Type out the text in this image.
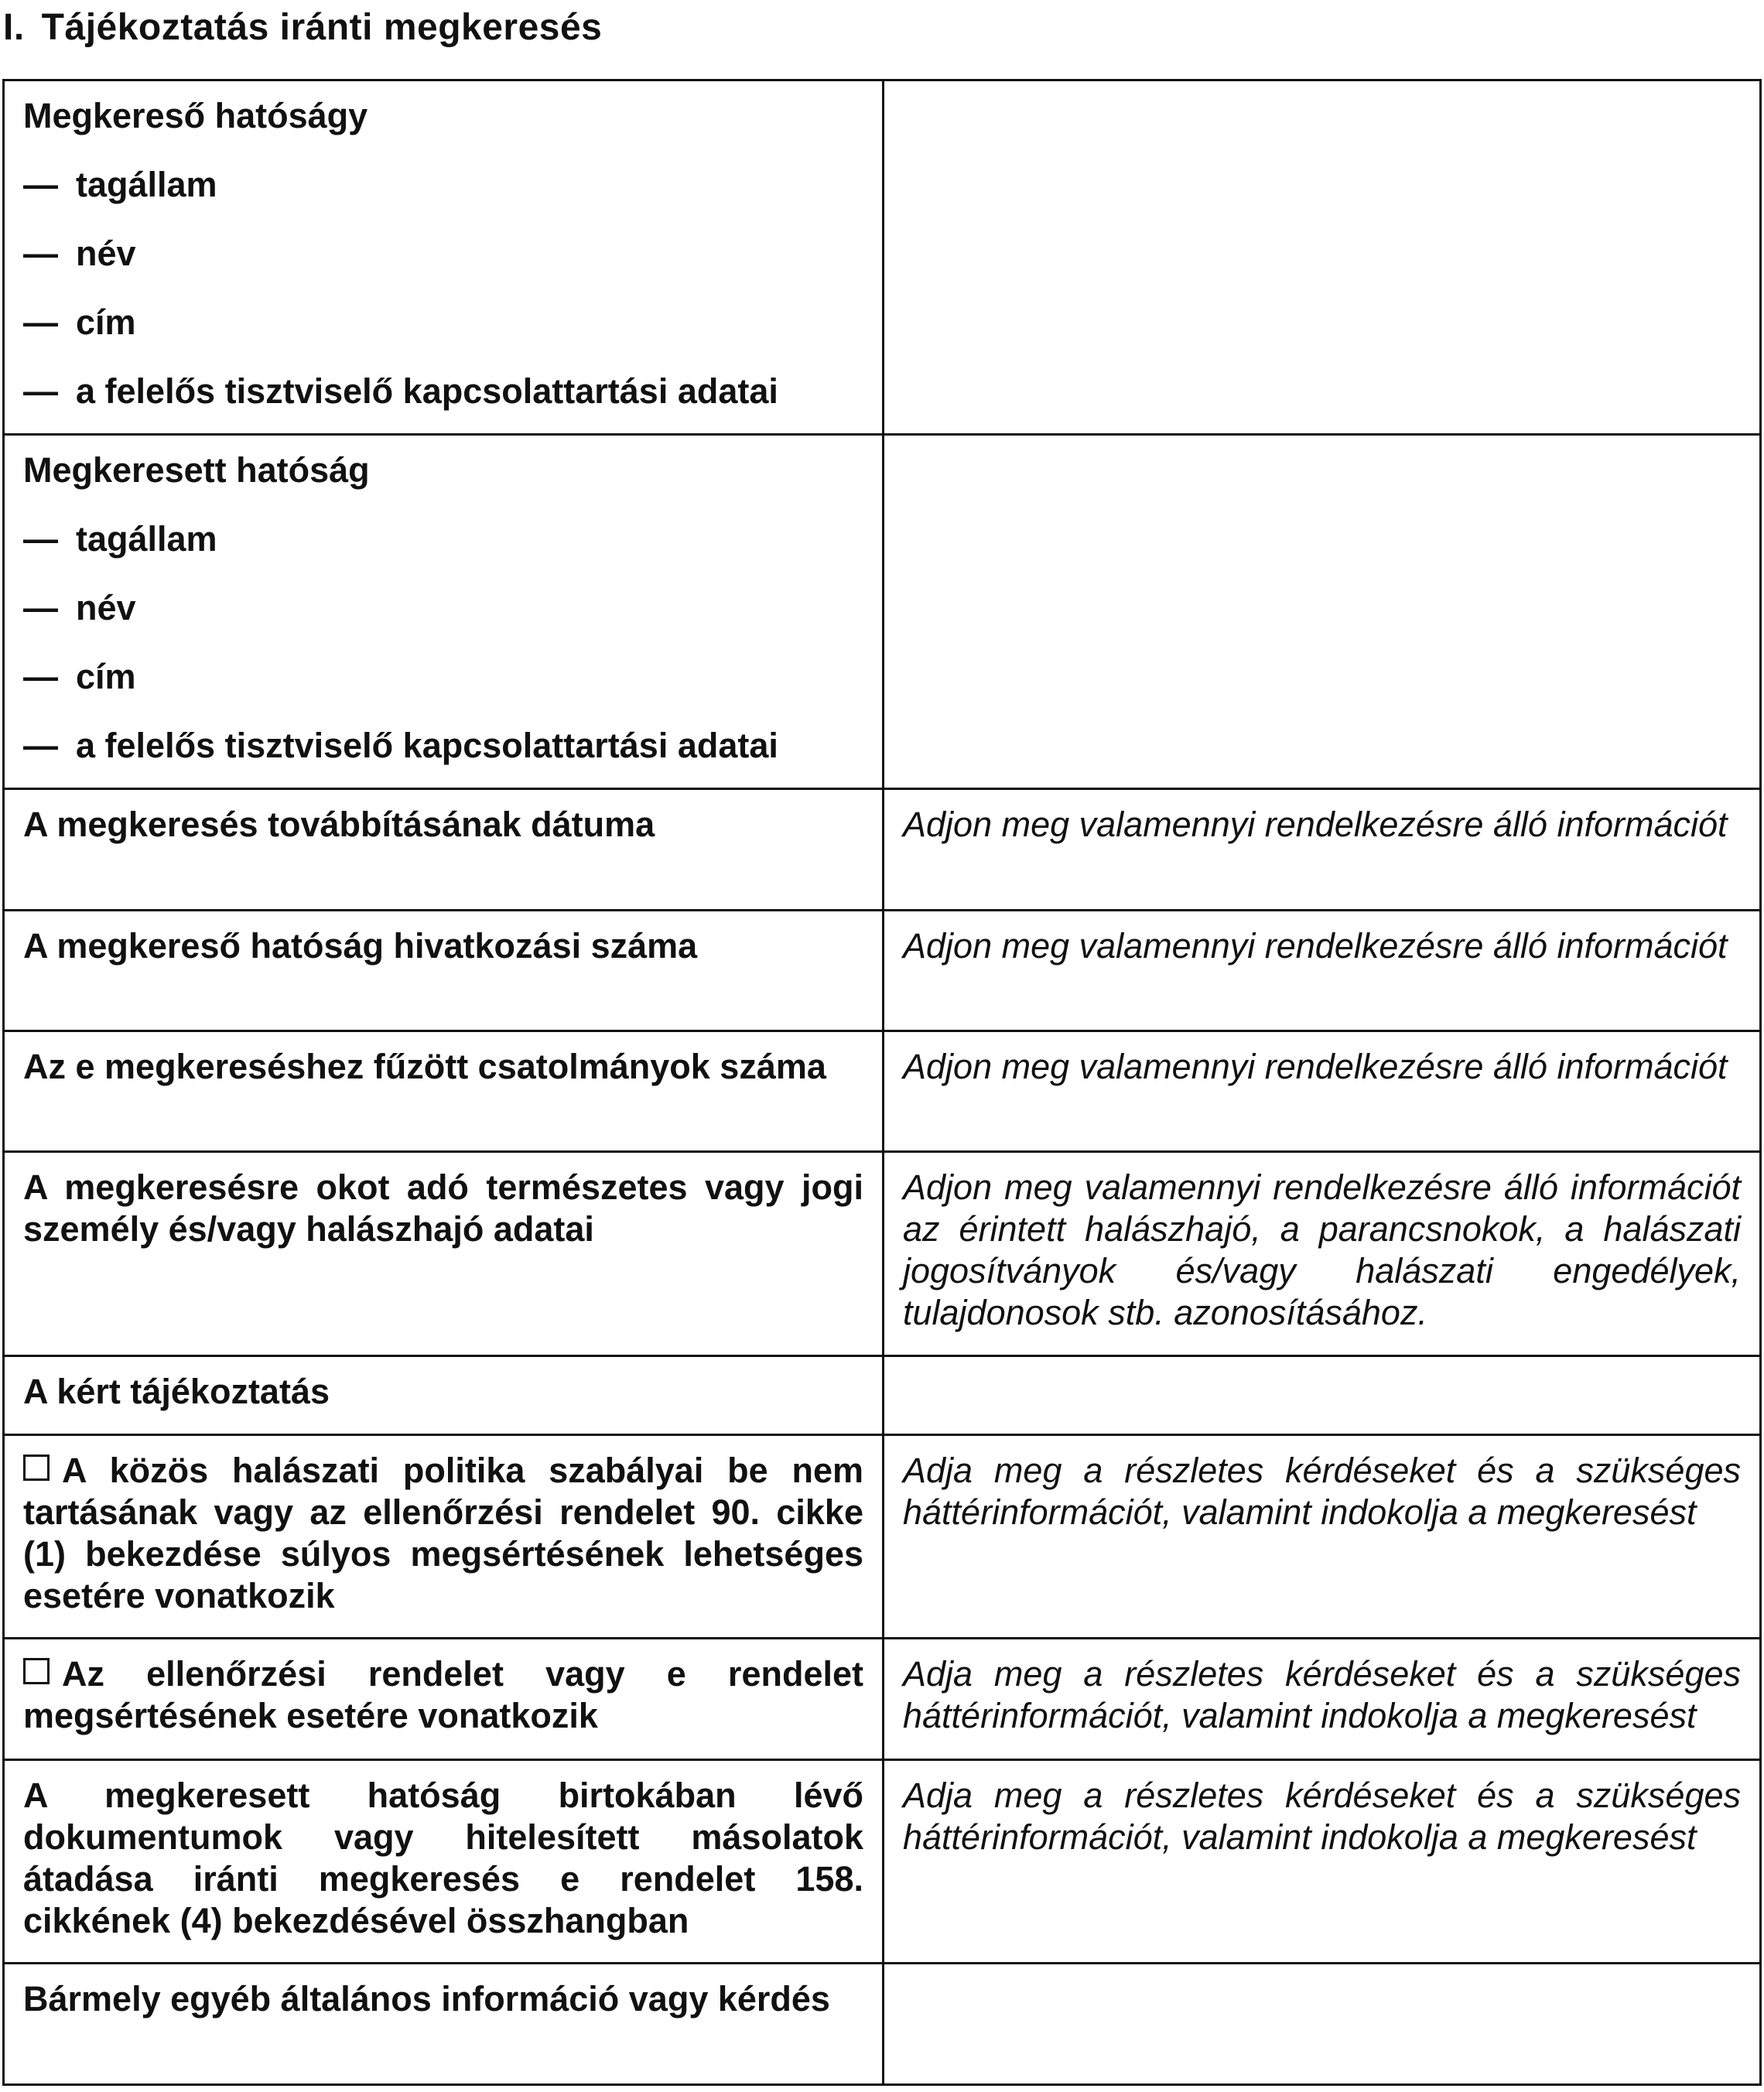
I. Tájékoztatás iránti megkeresés
Megkereső hatóságy
— tagállam
— név
— cím
— a felelős tisztviselő kapcsolattartási adatai	

Megkeresett hatóság
— tagállam
— név
— cím
— a felelős tisztviselő kapcsolattartási adatai	

A megkeresés továbbításának dátuma	Adjon meg valamennyi rendelkezésre álló információt
A megkereső hatóság hivatkozási száma	Adjon meg valamennyi rendelkezésre álló információt
Az e megkereséshez fűzött csatolmányok száma	Adjon meg valamennyi rendelkezésre álló információt
A megkeresésre okot adó természetes vagy jogi személy és/vagy halászhajó adatai	Adjon meg valamennyi rendelkezésre álló információt az érintett halászhajó, a parancsnokok, a halászati jogosítványok és/vagy halászati engedélyek, tulajdonosok stb. azonosításához.
A kért tájékoztatás	
A közös halászati politika szabályai be nem tartásának vagy az ellenőrzési rendelet 90. cikke (1) bekezdése súlyos megsértésének lehetséges esetére vonatkozik	Adja meg a részletes kérdéseket és a szükséges háttérinformációt, valamint indokolja a megkeresést
Az ellenőrzési rendelet vagy e rendelet megsértésének esetére vonatkozik	Adja meg a részletes kérdéseket és a szükséges háttérinformációt, valamint indokolja a megkeresést
A megkeresett hatóság birtokában lévő dokumentumok vagy hitelesített másolatok átadása iránti megkeresés e rendelet 158. cikkének (4) bekezdésével összhangban	Adja meg a részletes kérdéseket és a szükséges háttérinformációt, valamint indokolja a megkeresést
Bármely egyéb általános információ vagy kérdés	
